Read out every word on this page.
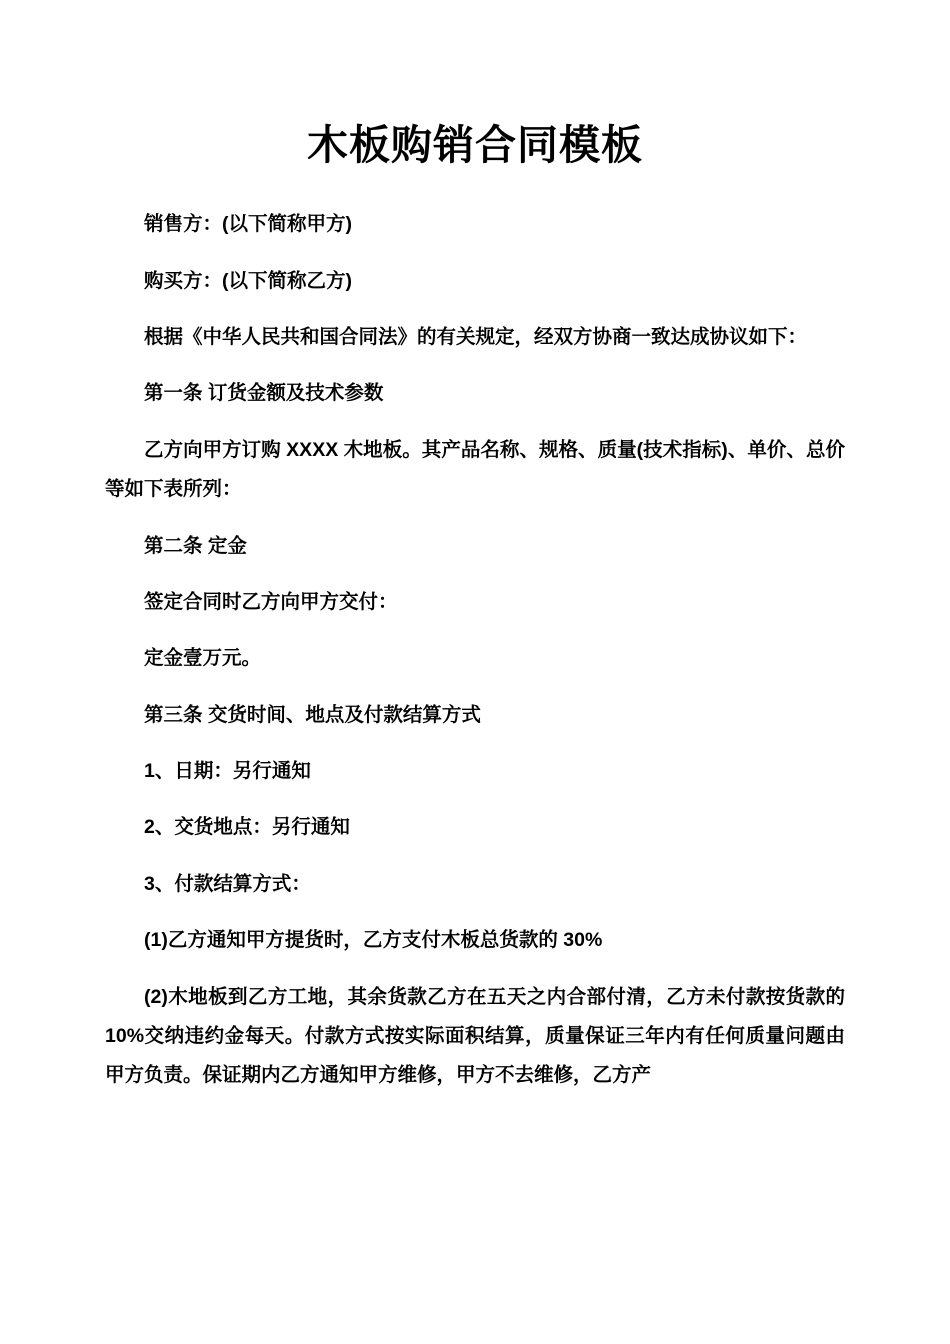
木板购销合同模板

销售方：(以下简称甲方)

购买方：(以下简称乙方)

根据《中华人民共和国合同法》的有关规定，经双方协商一致达成协议如下：

第一条 订货金额及技术参数

乙方向甲方订购 XXXX 木地板。其产品名称、规格、质量(技术指标)、单价、总价等如下表所列：

第二条 定金

签定合同时乙方向甲方交付：

定金壹万元。

第三条 交货时间、地点及付款结算方式

1、日期：另行通知

2、交货地点：另行通知

3、付款结算方式：

(1)乙方通知甲方提货时，乙方支付木板总货款的 30%

(2)木地板到乙方工地，其余货款乙方在五天之内合部付清，乙方未付款按货款的 10%交纳违约金每天。付款方式按实际面积结算，质量保证三年内有任何质量问题由甲方负责。保证期内乙方通知甲方维修，甲方不去维修，乙方产
